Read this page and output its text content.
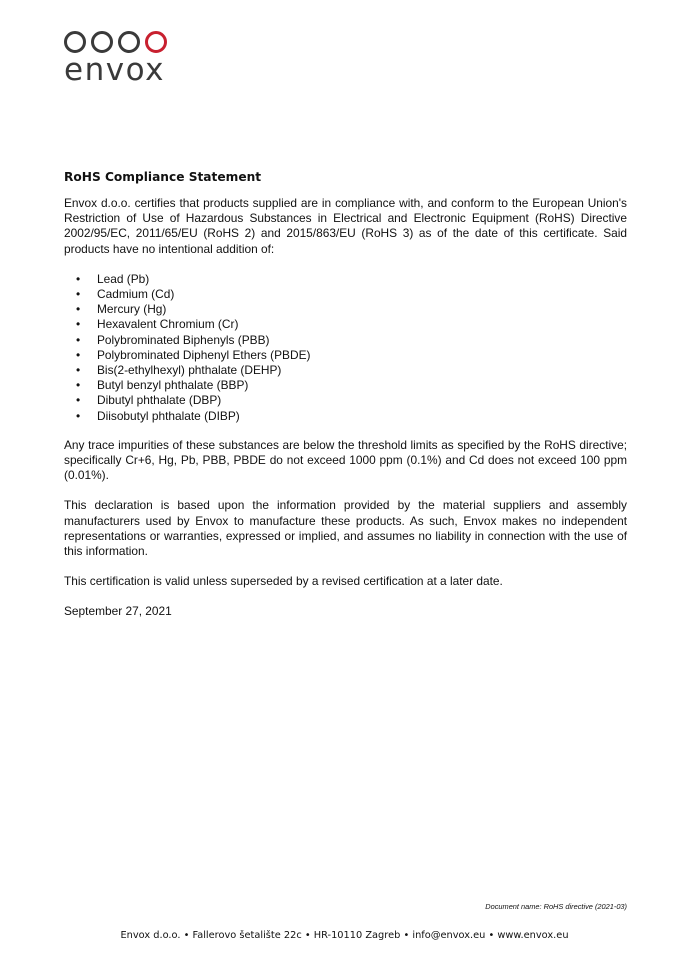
envox
RoHS Compliance Statement

Envox d.o.o. certifies that products supplied are in compliance with, and conform to the European Union's Restriction of Use of Hazardous Substances in Electrical and Electronic Equipment (RoHS) Directive 2002/95/EC, 2011/65/EU (RoHS 2) and 2015/863/EU (RoHS 3) as of the date of this certificate. Said products have no intentional addition of:

• Lead (Pb)
• Cadmium (Cd)
• Mercury (Hg)
• Hexavalent Chromium (Cr)
• Polybrominated Biphenyls (PBB)
• Polybrominated Diphenyl Ethers (PBDE)
• Bis(2-ethylhexyl) phthalate (DEHP)
• Butyl benzyl phthalate (BBP)
• Dibutyl phthalate (DBP)
• Diisobutyl phthalate (DIBP)

Any trace impurities of these substances are below the threshold limits as specified by the RoHS directive; specifically Cr+6, Hg, Pb, PBB, PBDE do not exceed 1000 ppm (0.1%) and Cd does not exceed 100 ppm (0.01%).

This declaration is based upon the information provided by the material suppliers and assembly manufacturers used by Envox to manufacture these products. As such, Envox makes no independent representations or warranties, expressed or implied, and assumes no liability in connection with the use of this information.

This certification is valid unless superseded by a revised certification at a later date.

September 27, 2021

Document name: RoHS directive (2021-03)
Envox d.o.o. • Fallerovo šetalište 22c • HR-10110 Zagreb • info@envox.eu • www.envox.eu
